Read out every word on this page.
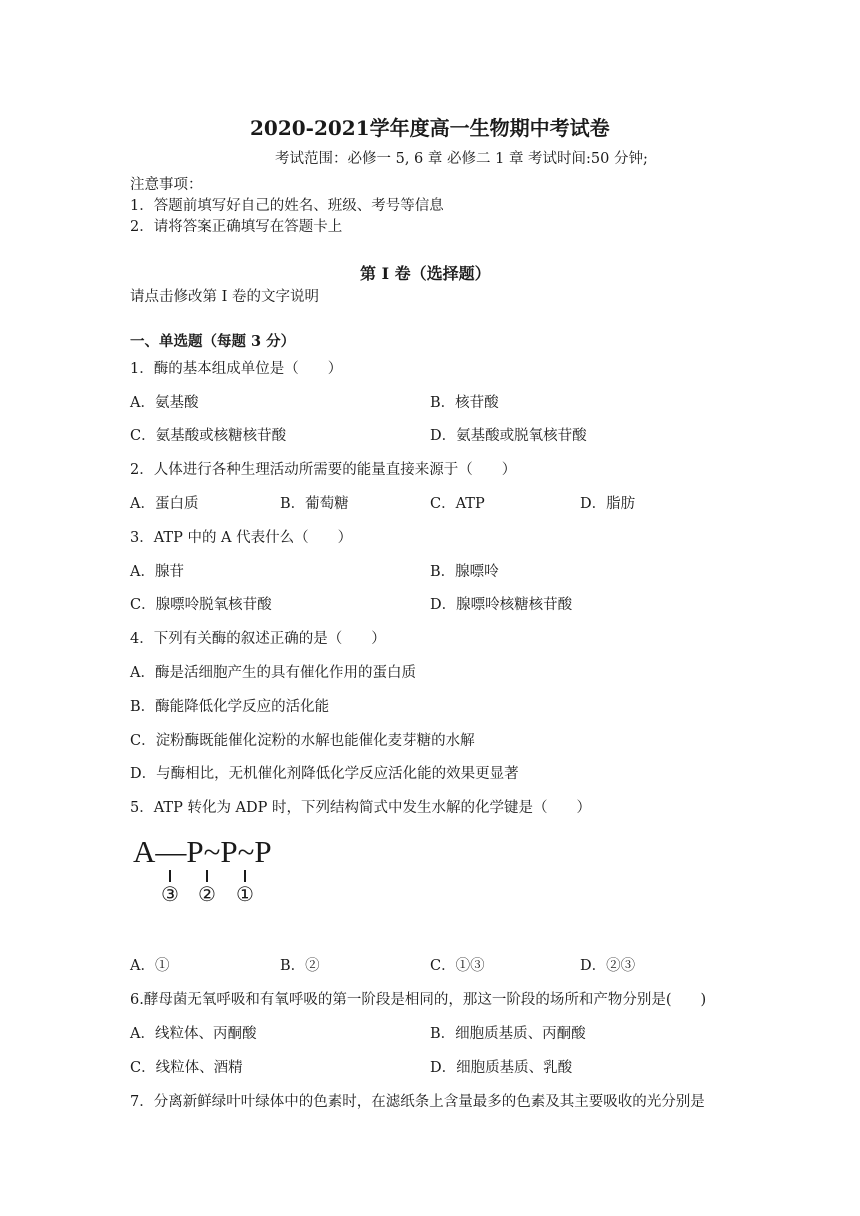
2020-2021学年度高一生物期中考试卷
考试范围：必修一 5, 6 章 必修二 1 章 考试时间:50 分钟;
注意事项：
1．答题前填写好自己的姓名、班级、考号等信息
2．请将答案正确填写在答题卡上
第 I 卷（选择题）
请点击修改第 I 卷的文字说明
一、单选题（每题 3 分）
1．酶的基本组成单位是（　　）
A．氨基酸	B．核苷酸
C．氨基酸或核糖核苷酸	D．氨基酸或脱氧核苷酸
2．人体进行各种生理活动所需要的能量直接来源于（　　）
A．蛋白质	B．葡萄糖	C．ATP	D．脂肪
3．ATP 中的 A 代表什么（　　）
A．腺苷	B．腺嘌呤
C．腺嘌呤脱氧核苷酸	D．腺嘌呤核糖核苷酸
4．下列有关酶的叙述正确的是（　　）
A．酶是活细胞产生的具有催化作用的蛋白质
B．酶能降低化学反应的活化能
C．淀粉酶既能催化淀粉的水解也能催化麦芽糖的水解
D．与酶相比，无机催化剂降低化学反应活化能的效果更显著
5．ATP 转化为 ADP 时，下列结构简式中发生水解的化学键是（　　）
A—P~P~P
③ ② ①
A．①	B．②	C．①③	D．②③
6.酵母菌无氧呼吸和有氧呼吸的第一阶段是相同的，那这一阶段的场所和产物分别是(　　)
A．线粒体、丙酮酸	B．细胞质基质、丙酮酸
C．线粒体、酒精	D．细胞质基质、乳酸
7．分离新鲜绿叶叶绿体中的色素时，在滤纸条上含量最多的色素及其主要吸收的光分别是
